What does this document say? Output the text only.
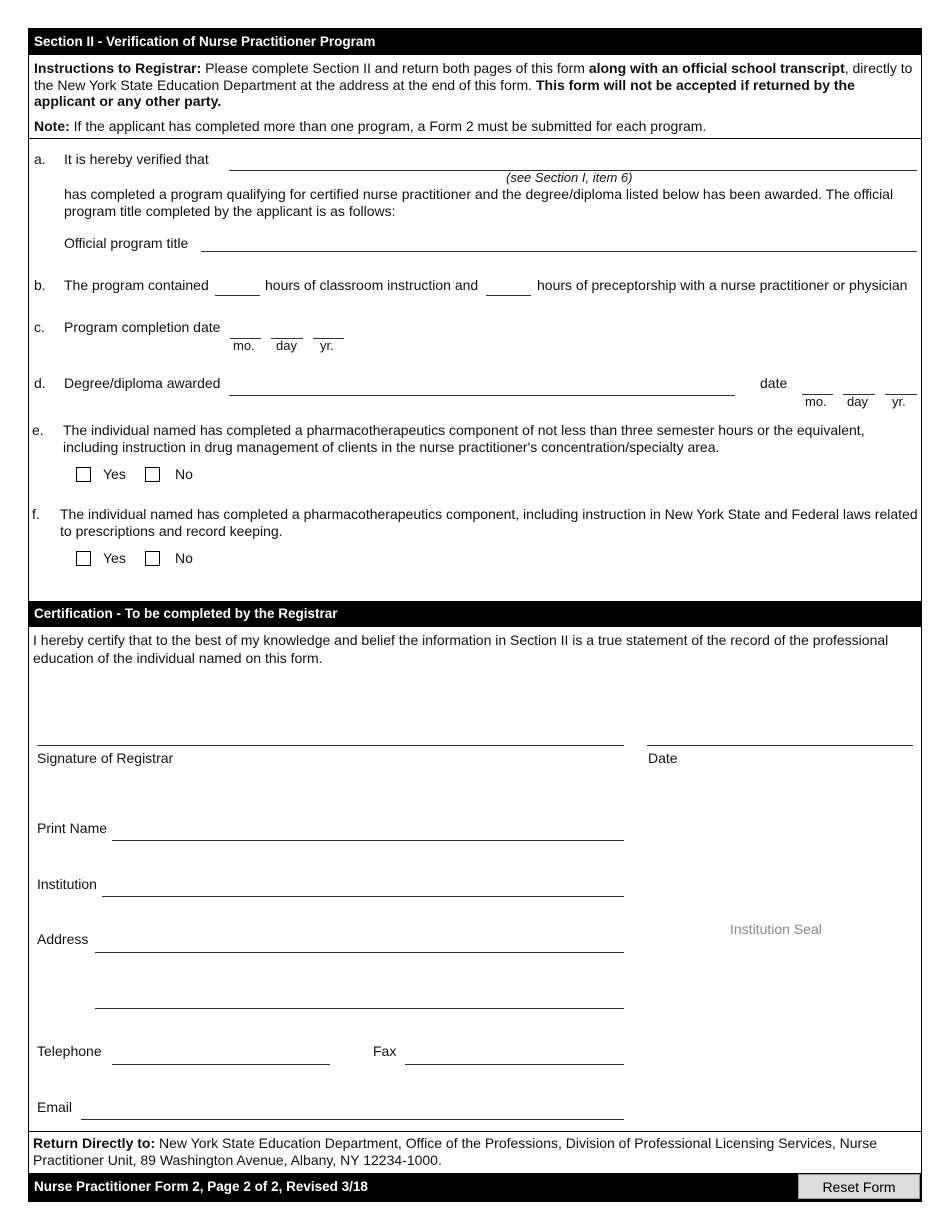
Section II - Verification of Nurse Practitioner Program
Instructions to Registrar: Please complete Section II and return both pages of this form along with an official school transcript, directly to the New York State Education Department at the address at the end of this form. This form will not be accepted if returned by the applicant or any other party.
Note: If the applicant has completed more than one program, a Form 2 must be submitted for each program.
a. It is hereby verified that
(see Section I, item 6)
has completed a program qualifying for certified nurse practitioner and the degree/diploma listed below has been awarded. The official program title completed by the applicant is as follows:
Official program title
b. The program contained	hours of classroom instruction and	hours of preceptorship with a nurse practitioner or physician
c. Program completion date
mo. day yr.
d. Degree/diploma awarded	date
mo. day yr.
e. The individual named has completed a pharmacotherapeutics component of not less than three semester hours or the equivalent, including instruction in drug management of clients in the nurse practitioner's concentration/specialty area.
Yes	No
f. The individual named has completed a pharmacotherapeutics component, including instruction in New York State and Federal laws related to prescriptions and record keeping.
Yes	No
Certification - To be completed by the Registrar
I hereby certify that to the best of my knowledge and belief the information in Section II is a true statement of the record of the professional education of the individual named on this form.
Signature of Registrar	Date
Print Name
Institution
Address
Institution Seal
Telephone	Fax
Email
Return Directly to: New York State Education Department, Office of the Professions, Division of Professional Licensing Services, Nurse Practitioner Unit, 89 Washington Avenue, Albany, NY 12234-1000.
Nurse Practitioner Form 2, Page 2 of 2, Revised 3/18	Reset Form
